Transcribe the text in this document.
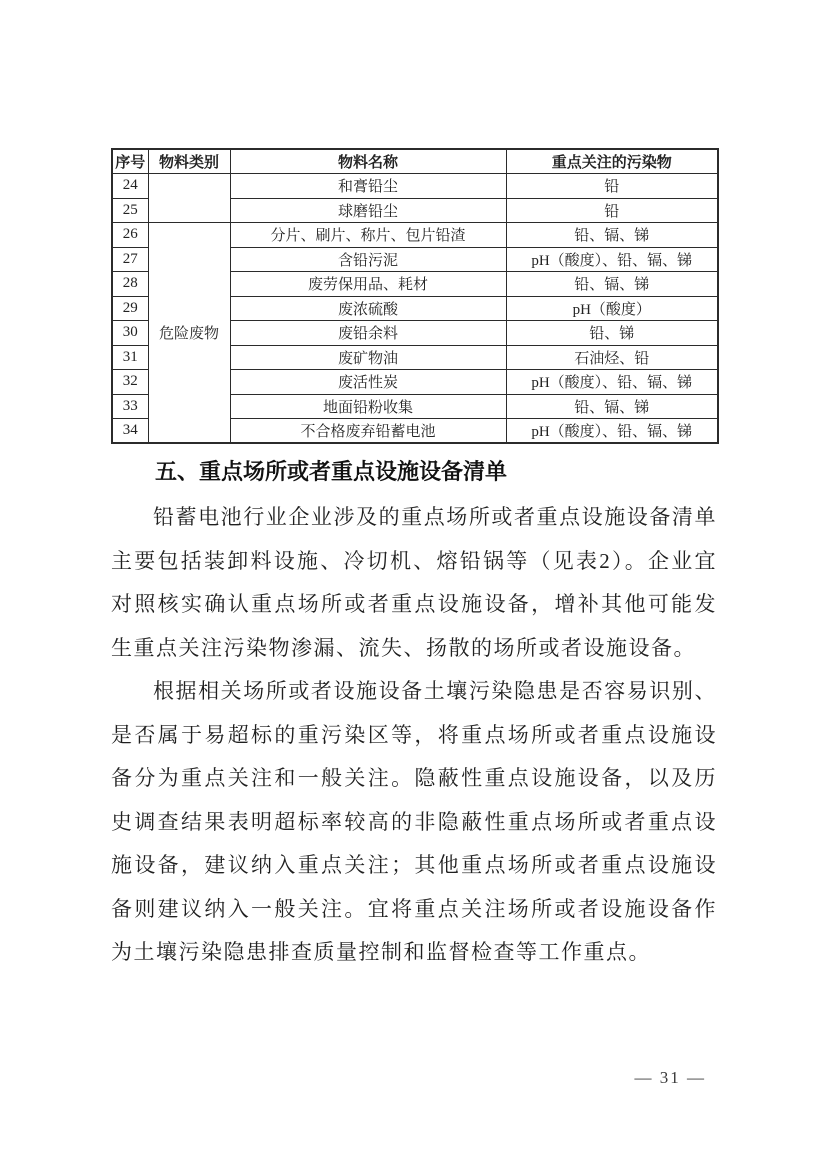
序号	物料类别	物料名称	重点关注的污染物
24		和膏铅尘	铅
25		球磨铅尘	铅
26	危险废物	分片、刷片、称片、包片铅渣	铅、镉、锑
27		含铅污泥	pH（酸度）、铅、镉、锑
28		废劳保用品、耗材	铅、镉、锑
29		废浓硫酸	pH（酸度）
30		废铅余料	铅、锑
31		废矿物油	石油烃、铅
32		废活性炭	pH（酸度）、铅、镉、锑
33		地面铅粉收集	铅、镉、锑
34		不合格废弃铅蓄电池	pH（酸度）、铅、镉、锑
五、重点场所或者重点设施设备清单

铅蓄电池行业企业涉及的重点场所或者重点设施设备清单主要包括装卸料设施、冷切机、熔铅锅等（见表2）。企业宜对照核实确认重点场所或者重点设施设备，增补其他可能发生重点关注污染物渗漏、流失、扬散的场所或者设施设备。

根据相关场所或者设施设备土壤污染隐患是否容易识别、是否属于易超标的重污染区等，将重点场所或者重点设施设备分为重点关注和一般关注。隐蔽性重点设施设备，以及历史调查结果表明超标率较高的非隐蔽性重点场所或者重点设施设备，建议纳入重点关注；其他重点场所或者重点设施设备则建议纳入一般关注。宜将重点关注场所或者设施设备作为土壤污染隐患排查质量控制和监督检查等工作重点。

— 31 —
